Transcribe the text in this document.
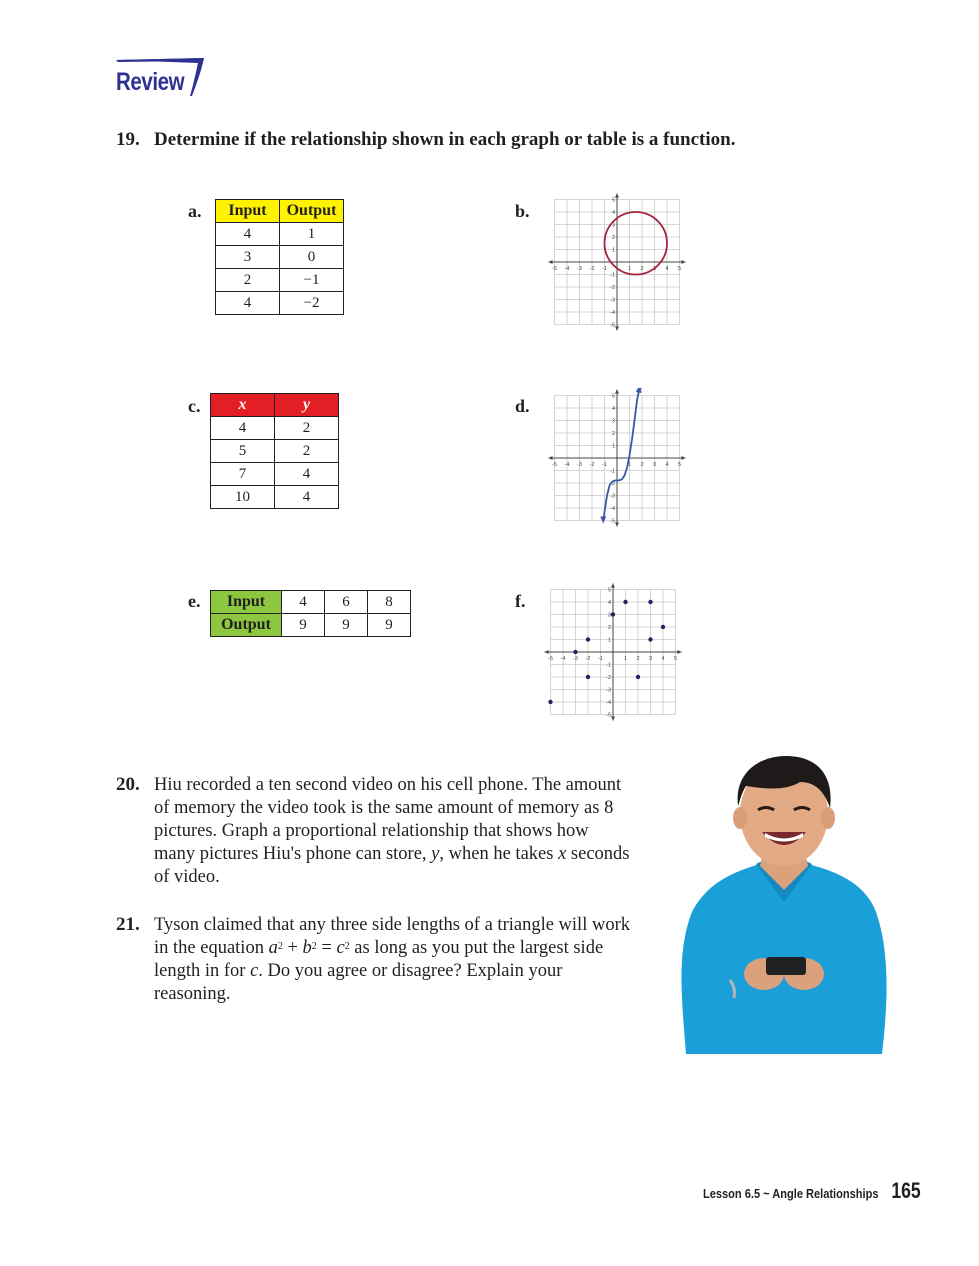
Review
19. Determine if the relationship shown in each graph or table is a function.
a. Input	Output
4	1
3	0
2	−1
4	−2
b.
-5
-5
-4
-4
-3
-3
-2
-2
-1
-1
1
1
2
2
3
3
4
4
5
5
c. x	y
4	2
5	2
7	4
10	4
d.
-5
-5
-4
-4
-3
-3
-2
-2
-1
-1
1
1
2
2
3
3
4
4
5
5
e. Input	4	6	8
Output	9	9	9
f.
-5
-5
-4
-4
-3
-3
-2
-2
-1
-1
1
1
2
2
3
3
4
4
5
5
20. Hiu recorded a ten second video on his cell phone. The amount of memory the video took is the same amount of memory as 8 pictures. Graph a proportional relationship that shows how many pictures Hiu's phone can store, y, when he takes x seconds of video.
21. Tyson claimed that any three side lengths of a triangle will work in the equation $a^2 + b^2 = c^2$ as long as you put the largest side length in for c. Do you agree or disagree? Explain your reasoning.
Lesson 6.5 ~ Angle Relationships 165
